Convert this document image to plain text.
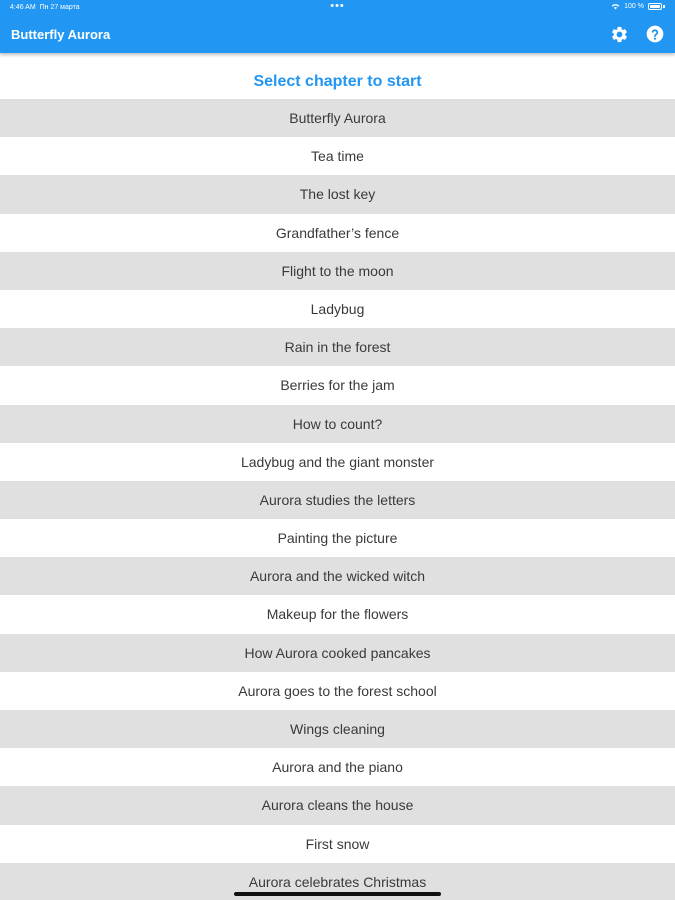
4:46 AM Пн 27 марта	•••	100 %
Butterfly Aurora
Select chapter to start
Butterfly Aurora
Tea time
The lost key
Grandfather’s fence
Flight to the moon
Ladybug
Rain in the forest
Berries for the jam
How to count?
Ladybug and the giant monster
Aurora studies the letters
Painting the picture
Aurora and the wicked witch
Makeup for the flowers
How Aurora cooked pancakes
Aurora goes to the forest school
Wings cleaning
Aurora and the piano
Aurora cleans the house
First snow
Aurora celebrates Christmas
